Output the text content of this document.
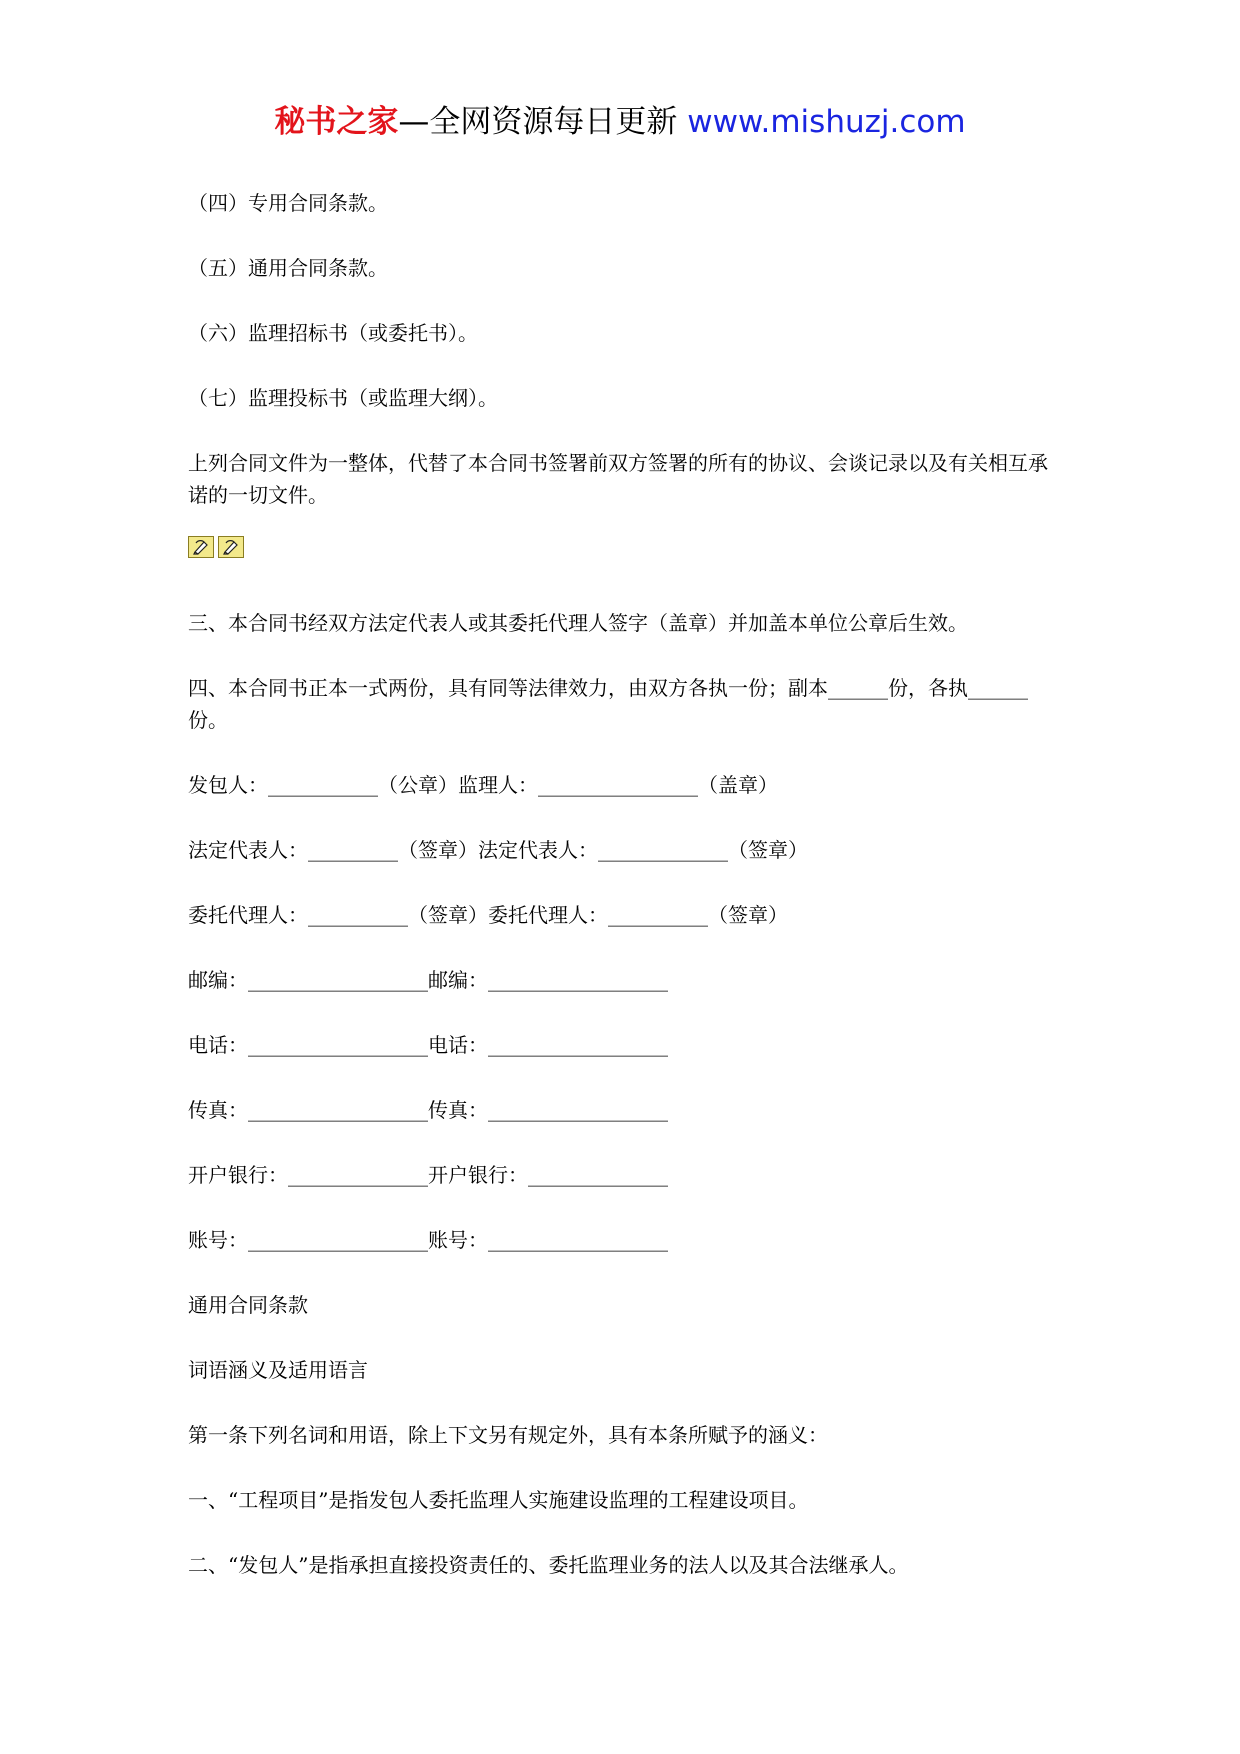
秘书之家—全网资源每日更新 www.mishuzj.com

（四）专用合同条款。

（五）通用合同条款。

（六）监理招标书（或委托书）。

（七）监理投标书（或监理大纲）。

上列合同文件为一整体，代替了本合同书签署前双方签署的所有的协议、会谈记录以及有关相互承诺的一切文件。

三、本合同书经双方法定代表人或其委托代理人签字（盖章）并加盖本单位公章后生效。

四、本合同书正本一式两份，具有同等法律效力，由双方各执一份；副本______份，各执______份。

发包人：___________（公章）监理人：________________（盖章）

法定代表人：_________（签章）法定代表人：_____________（签章）

委托代理人：__________（签章）委托代理人：__________（签章）

邮编：__________________邮编：__________________

电话：__________________电话：__________________

传真：__________________传真：__________________

开户银行：______________开户银行：______________

账号：__________________账号：__________________

通用合同条款

词语涵义及适用语言

第一条下列名词和用语，除上下文另有规定外，具有本条所赋予的涵义：

一、“工程项目”是指发包人委托监理人实施建设监理的工程建设项目。

二、“发包人”是指承担直接投资责任的、委托监理业务的法人以及其合法继承人。
